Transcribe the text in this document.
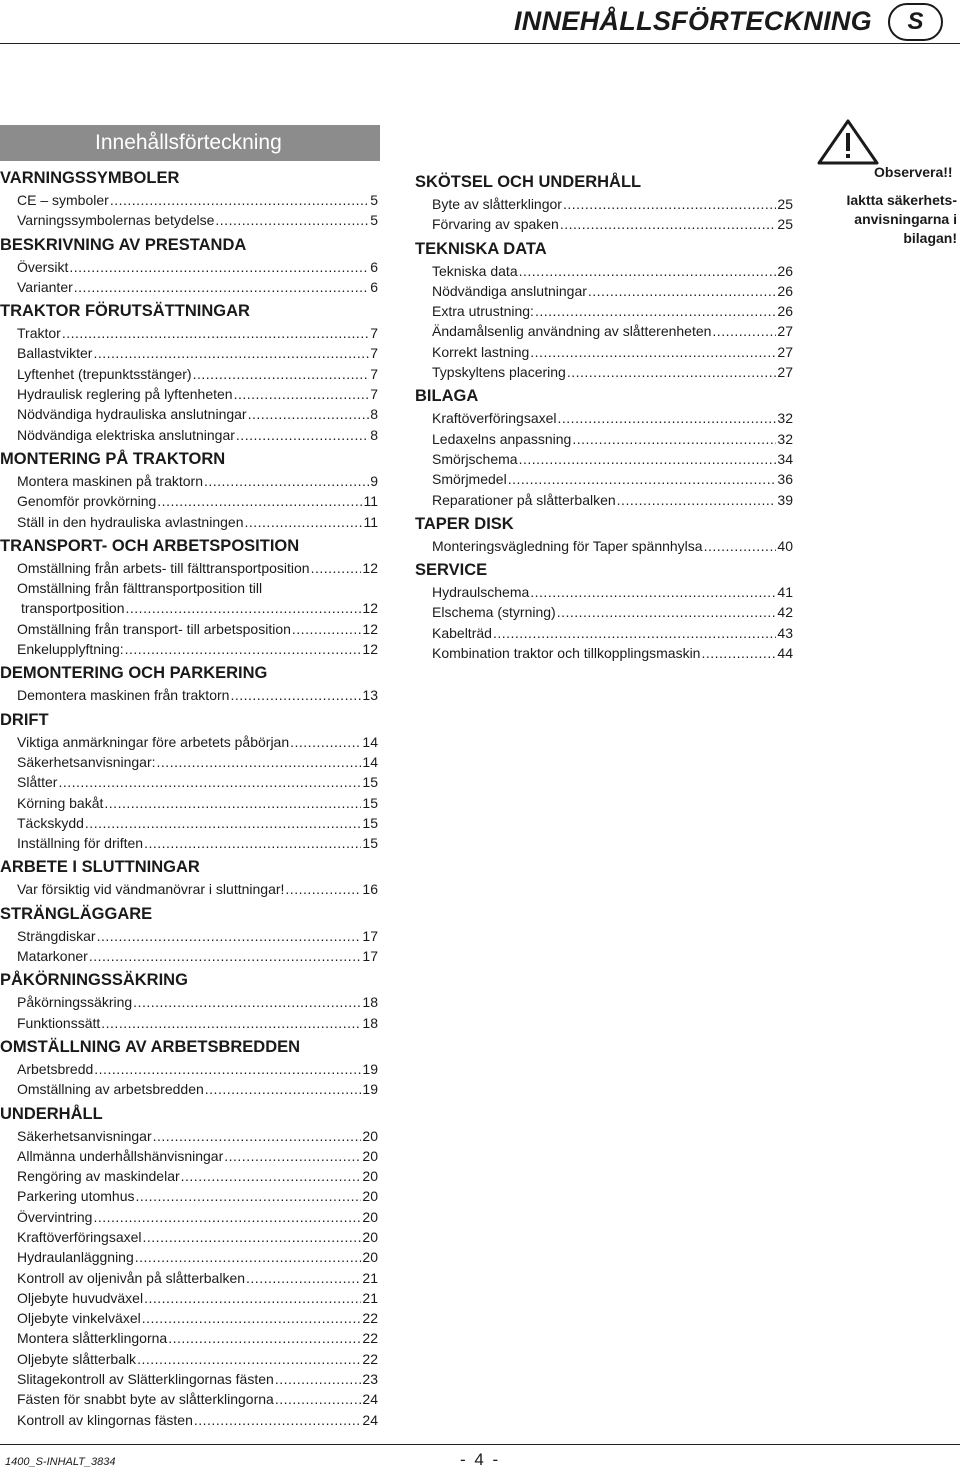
INNEHÅLLSFÖRTECKNING	S
Innehållsförteckning
VARNINGSSYMBOLER
CE – symboler .....	5
Varningssymbolernas betydelse .....	5
BESKRIVNING AV PRESTANDA
Översikt .....	6
Varianter .....	6
TRAKTOR FÖRUTSÄTTNINGAR
Traktor .....	7
Ballastvikter .....	7
Lyftenhet (trepunktsstänger) .....	7
Hydraulisk reglering på lyftenheten .....	7
Nödvändiga hydrauliska anslutningar .....	8
Nödvändiga elektriska anslutningar .....	8
MONTERING PÅ TRAKTORN
Montera maskinen på traktorn .....	9
Genomför provkörning .....	11
Ställ in den hydrauliska avlastningen .....	11
TRANSPORT- OCH ARBETSPOSITION
Omställning från arbets- till fälttransportposition .....	12
Omställning från fälttransportposition till
transportposition .....	12
Omställning från transport- till arbetsposition .....	12
Enkelupplyftning: .....	12
DEMONTERING OCH PARKERING
Demontera maskinen från traktorn .....	13
DRIFT
Viktiga anmärkningar före arbetets påbörjan .....	14
Säkerhetsanvisningar: .....	14
Slåtter .....	15
Körning bakåt .....	15
Täckskydd .....	15
Inställning för driften .....	15
ARBETE I SLUTTNINGAR
Var försiktig vid vändmanövrar i sluttningar! .....	16
STRÄNGLÄGGARE
Strängdiskar .....	17
Matarkoner .....	17
PÅKÖRNINGSSÄKRING
Påkörningssäkring .....	18
Funktionssätt .....	18
OMSTÄLLNING AV ARBETSBREDDEN
Arbetsbredd .....	19
Omställning av arbetsbredden .....	19
UNDERHÅLL
Säkerhetsanvisningar .....	20
Allmänna underhållshänvisningar .....	20
Rengöring av maskindelar .....	20
Parkering utomhus .....	20
Övervintring .....	20
Kraftöverföringsaxel .....	20
Hydraulanläggning .....	20
Kontroll av oljenivån på slåtterbalken .....	21
Oljebyte huvudväxel .....	21
Oljebyte vinkelväxel .....	22
Montera slåtterklingorna .....	22
Oljebyte slåtterbalk .....	22
Slitagekontroll av Slätterklingornas fästen .....	23
Fästen för snabbt byte av slåtterklingorna .....	24
Kontroll av klingornas fästen .....	24
SKÖTSEL OCH UNDERHÅLL
Byte av slåtterklingor .....	25
Förvaring av spaken .....	25
TEKNISKA DATA
Tekniska data .....	26
Nödvändiga anslutningar .....	26
Extra utrustning: .....	26
Ändamålsenlig användning av slåtterenheten .....	27
Korrekt lastning .....	27
Typskyltens placering .....	27
BILAGA
Kraftöverföringsaxel .....	32
Ledaxelns anpassning .....	32
Smörjschema .....	34
Smörjmedel .....	36
Reparationer på slåtterbalken .....	39
TAPER DISK
Monteringsvägledning för Taper spännhylsa .....	40
SERVICE
Hydraulschema .....	41
Elschema (styrning) .....	42
Kabelträd .....	43
Kombination traktor och tillkopplingsmaskin .....	44
Observera!!
Iaktta säkerhets-
anvisningarna i
bilagan!
1400_S-INHALT_3834	- 4 -
